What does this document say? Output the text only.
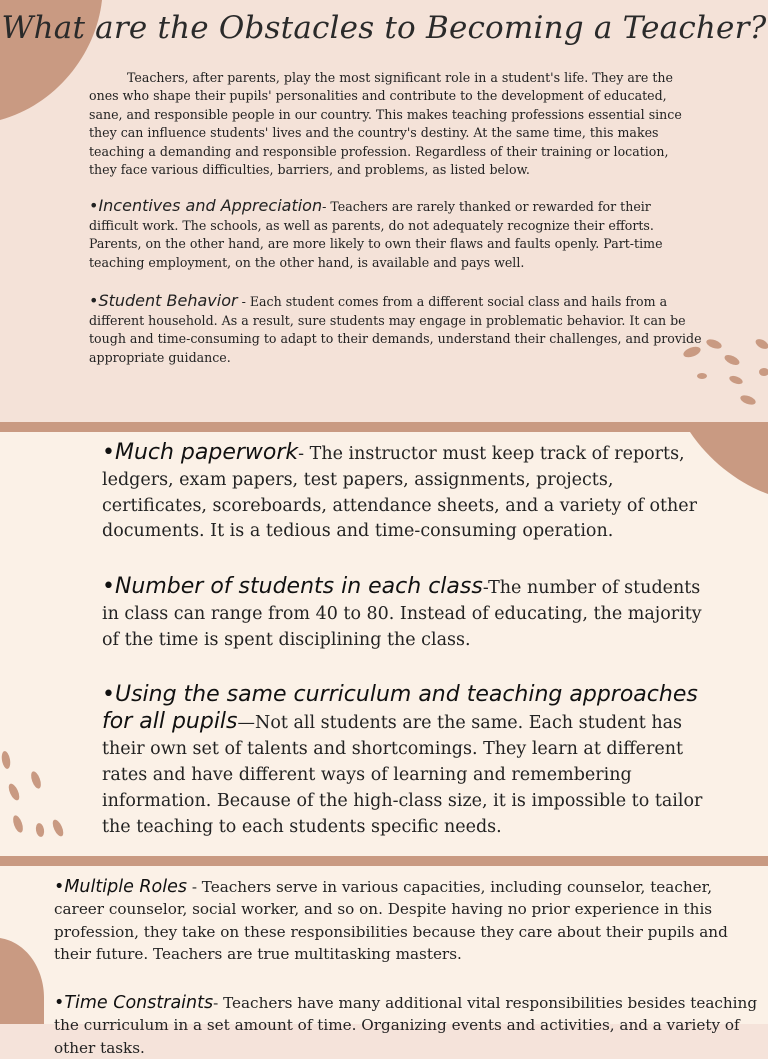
What are the Obstacles to Becoming a Teacher?

Teachers, after parents, play the most significant role in a student's life. They are the ones who shape their pupils' personalities and contribute to the development of educated, sane, and responsible people in our country. This makes teaching professions essential since they can influence students' lives and the country's destiny. At the same time, this makes teaching a demanding and responsible profession. Regardless of their training or location, they face various difficulties, barriers, and problems, as listed below.

•Incentives and Appreciation- Teachers are rarely thanked or rewarded for their difficult work. The schools, as well as parents, do not adequately recognize their efforts. Parents, on the other hand, are more likely to own their flaws and faults openly. Part-time teaching employment, on the other hand, is available and pays well.

•Student Behavior - Each student comes from a different social class and hails from a different household. As a result, sure students may engage in problematic behavior. It can be tough and time-consuming to adapt to their demands, understand their challenges, and provide appropriate guidance.

•Much paperwork- The instructor must keep track of reports, ledgers, exam papers, test papers, assignments, projects, certificates, scoreboards, attendance sheets, and a variety of other documents. It is a tedious and time-consuming operation.

•Number of students in each class-The number of students in class can range from 40 to 80. Instead of educating, the majority of the time is spent disciplining the class.

•Using the same curriculum and teaching approaches for all pupils—Not all students are the same. Each student has their own set of talents and shortcomings. They learn at different rates and have different ways of learning and remembering information. Because of the high-class size, it is impossible to tailor the teaching to each students specific needs.

•Multiple Roles - Teachers serve in various capacities, including counselor, teacher, career counselor, social worker, and so on. Despite having no prior experience in this profession, they take on these responsibilities because they care about their pupils and their future. Teachers are true multitasking masters.

•Time Constraints- Teachers have many additional vital responsibilities besides teaching the curriculum in a set amount of time. Organizing events and activities, and a variety of other tasks.
